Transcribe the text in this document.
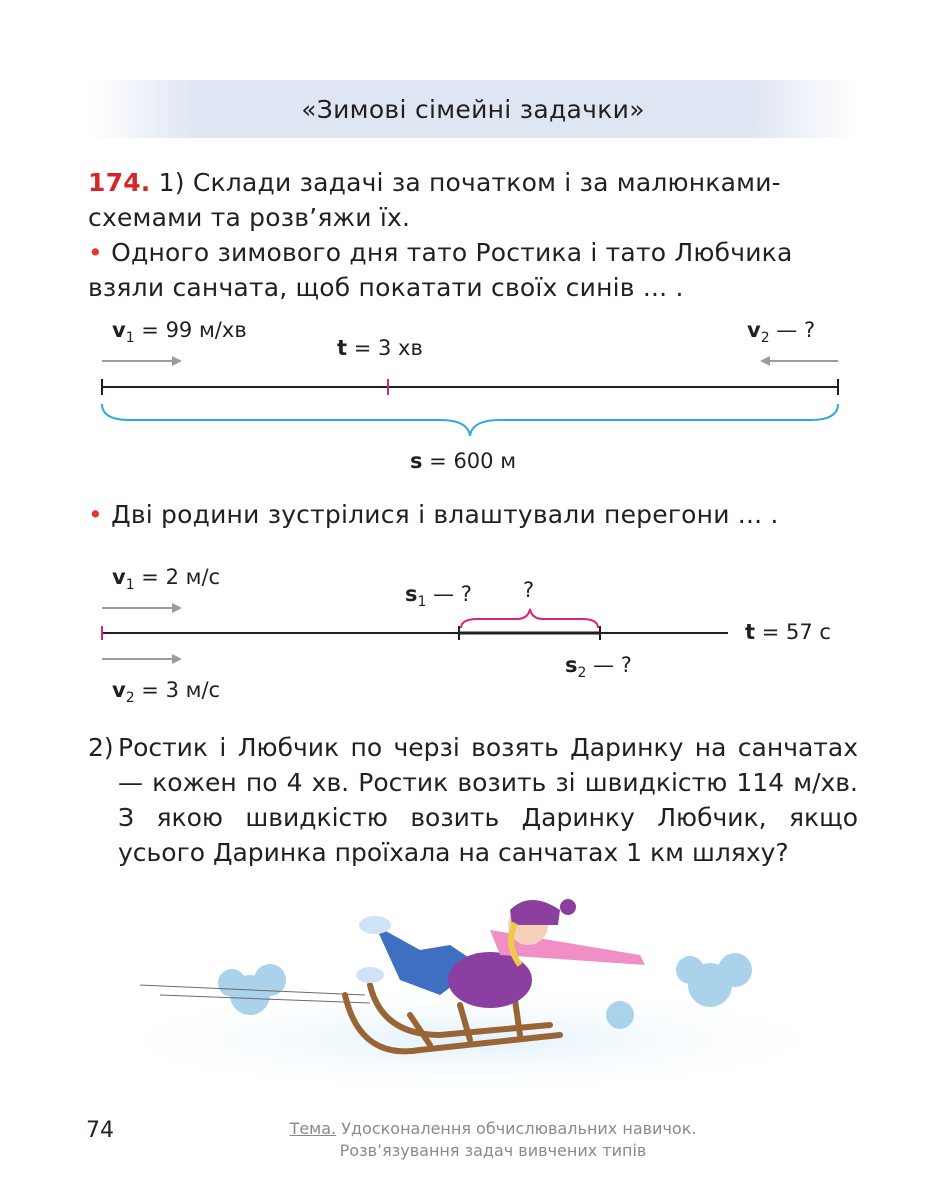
«Зимові сімейні задачки»
174. 1) Склади задачі за початком і за малюнками-схемами та розв’яжи їх.
• Одного зимового дня тато Ростика і тато Любчика взяли санчата, щоб покатати своїх синів ... .
$v_1 = 99$ м/хв
t = 3 хв
$v_2$ — ?
s = 600 м
• Дві родини зустрілися і влаштували перегони ... .
$v_1 = 2$ м/с
$s_1$ — ? ?
t = 57 с
$s_2$ — ?
$v_2 = 3$ м/с
2) Ростик і Любчик по черзі возять Даринку на санчатах — кожен по 4 хв. Ростик возить зі швидкістю 114 м/хв. З якою швидкістю возить Даринку Любчик, якщо усього Даринка проїхала на санчатах 1 км шляху?
74	Тема. Удосконалення обчислювальних навичок.
Розв’язування задач вивчених типів
